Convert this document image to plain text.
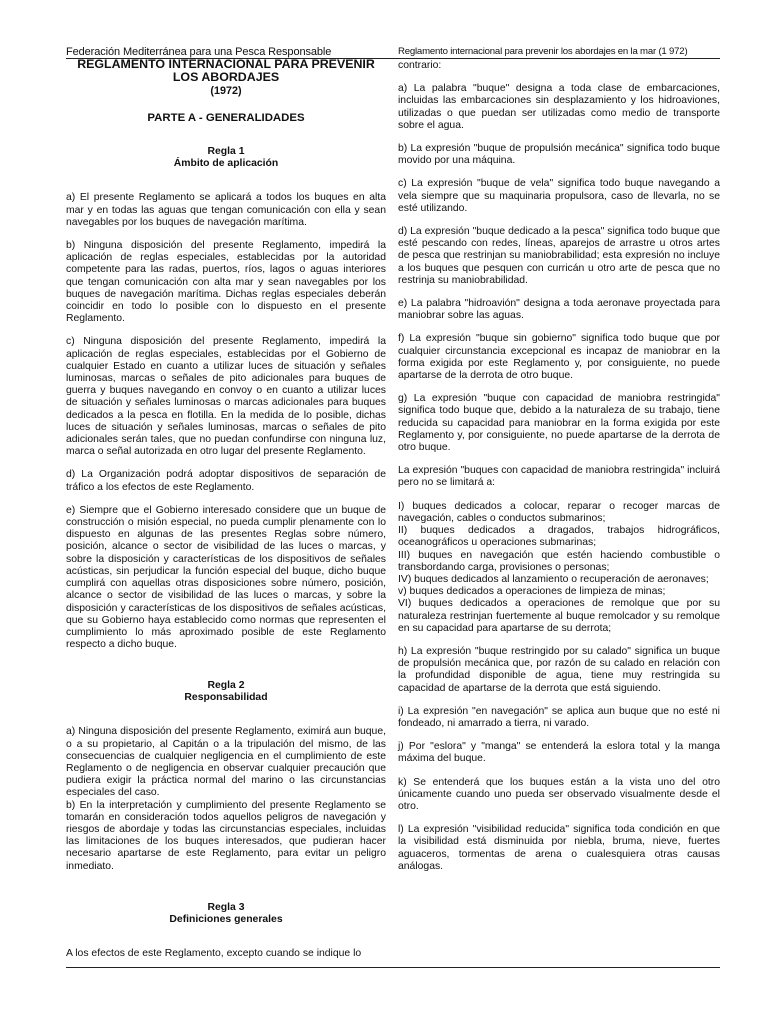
Federación Mediterránea para una Pesca Responsable	Reglamento internacional para prevenir los abordajes en la mar (1 972)

REGLAMENTO INTERNACIONAL PARA PREVENIR

LOS ABORDAJES

(1972)

PARTE A - GENERALIDADES

Regla 1

Ámbito de aplicación

a) El presente Reglamento se aplicará a todos los buques en alta mar y en todas las aguas que tengan comunicación con ella y sean navegables por los buques de navegación marítima.

b) Ninguna disposición del presente Reglamento, impedirá la aplicación de reglas especiales, establecidas por la autoridad competente para las radas, puertos, ríos, lagos o aguas interiores que tengan comunicación con alta mar y sean navegables por los buques de navegación marítima. Dichas reglas especiales deberán coincidir en todo lo posible con lo dispuesto en el presente Reglamento.

c) Ninguna disposición del presente Reglamento, impedirá la aplicación de reglas especiales, establecidas por el Gobierno de cualquier Estado en cuanto a utilizar luces de situación y señales luminosas, marcas o señales de pito adicionales para buques de guerra y buques navegando en convoy o en cuanto a utilizar luces de situación y señales luminosas o marcas adicionales para buques dedicados a la pesca en flotilla. En la medida de lo posible, dichas luces de situación y señales luminosas, marcas o señales de pito adicionales serán tales, que no puedan confundirse con ninguna luz, marca o señal autorizada en otro lugar del presente Reglamento.

d) La Organización podrá adoptar dispositivos de separación de tráfico a los efectos de este Reglamento.

e) Siempre que el Gobierno interesado considere que un buque de construcción o misión especial, no pueda cumplir plenamente con lo dispuesto en algunas de las presentes Reglas sobre número, posición, alcance o sector de visibilidad de las luces o marcas, y sobre la disposición y características de los dispositivos de señales acústicas, sin perjudicar la función especial del buque, dicho buque cumplirá con aquellas otras disposiciones sobre número, posición, alcance o sector de visibilidad de las luces o marcas, y sobre la disposición y características de los dispositivos de señales acústicas, que su Gobierno haya establecido como normas que representen el cumplimiento lo más aproximado posible de este Reglamento respecto a dicho buque.

Regla 2

Responsabilidad

a) Ninguna disposición del presente Reglamento, eximirá aun buque, o a su propietario, al Capitán o a la tripulación del mismo, de las consecuencias de cualquier negligencia en el cumplimiento de este Reglamento o de negligencia en observar cualquier precaución que pudiera exigir la práctica normal del marino o las circunstancias especiales del caso.

b) En la interpretación y cumplimiento del presente Reglamento se tomarán en consideración todos aquellos peligros de navegación y riesgos de abordaje y todas las circunstancias especiales, incluidas las limitaciones de los buques interesados, que pudieran hacer necesario apartarse de este Reglamento, para evitar un peligro inmediato.

Regla 3

Definiciones generales

A los efectos de este Reglamento, excepto cuando se indique lo

contrario:

a) La palabra "buque" designa a toda clase de embarcaciones, incluidas las embarcaciones sin desplazamiento y los hidroaviones, utilizadas o que puedan ser utilizadas como medio de transporte sobre el agua.

b) La expresión "buque de propulsión mecánica" significa todo buque movido por una máquina.

c) La expresión "buque de vela" significa todo buque navegando a vela siempre que su maquinaria propulsora, caso de llevarla, no se esté utilizando.

d) La expresión "buque dedicado a la pesca" significa todo buque que esté pescando con redes, líneas, aparejos de arrastre u otros artes de pesca que restrinjan su maniobrabilidad; esta expresión no incluye a los buques que pesquen con curricán u otro arte de pesca que no restrinja su maniobrabilidad.

e) La palabra "hidroavión" designa a toda aeronave proyectada para maniobrar sobre las aguas.

f) La expresión "buque sin gobierno" significa todo buque que por cualquier circunstancia excepcional es incapaz de maniobrar en la forma exigida por este Reglamento y, por consiguiente, no puede apartarse de la derrota de otro buque.

g) La expresión "buque con capacidad de maniobra restringida" significa todo buque que, debido a la naturaleza de su trabajo, tiene reducida su capacidad para maniobrar en la forma exigida por este Reglamento y, por consiguiente, no puede apartarse de la derrota de otro buque.

La expresión "buques con capacidad de maniobra restringida" incluirá pero no se limitará a:

I) buques dedicados a colocar, reparar o recoger marcas de navegación, cables o conductos submarinos;

II) buques dedicados a dragados, trabajos hidrográficos, oceanográficos u operaciones submarinas;

III) buques en navegación que estén haciendo combustible o transbordando carga, provisiones o personas;

IV) buques dedicados al lanzamiento o recuperación de aeronaves;

v) buques dedicados a operaciones de limpieza de minas;

VI) buques dedicados a operaciones de remolque que por su naturaleza restrinjan fuertemente al buque remolcador y su remolque en su capacidad para apartarse de su derrota;

h) La expresión "buque restringido por su calado" significa un buque de propulsión mecánica que, por razón de su calado en relación con la profundidad disponible de agua, tiene muy restringida su capacidad de apartarse de la derrota que está siguiendo.

i) La expresión "en navegación" se aplica aun buque que no esté ni fondeado, ni amarrado a tierra, ni varado.

j) Por "eslora" y "manga" se entenderá la eslora total y la manga máxima del buque.

k) Se entenderá que los buques están a la vista uno del otro únicamente cuando uno pueda ser observado visualmente desde el otro.

l) La expresión "visibilidad reducida" significa toda condición en que la visibilidad está disminuida por niebla, bruma, nieve, fuertes aguaceros, tormentas de arena o cualesquiera otras causas análogas.
